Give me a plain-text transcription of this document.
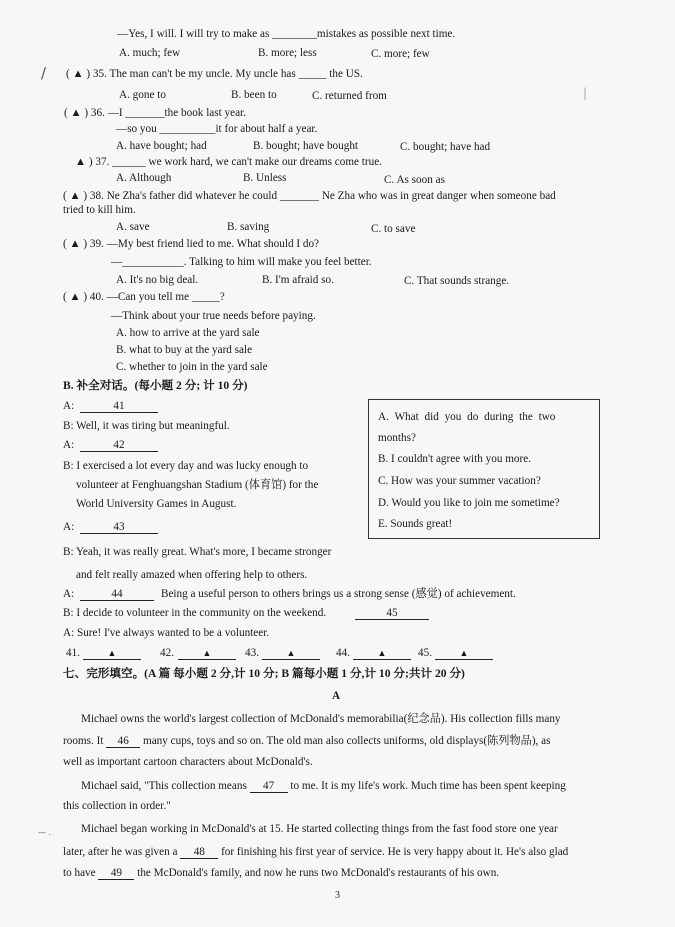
—Yes, I will. I will try to make as ________mistakes as possible next time.
A. much; few	B. more; less	C. more; few
/ ( ▲ ) 35. The man can't be my uncle. My uncle has _____ the US.
A. gone to	B. been to	C. returned from
( ▲ ) 36. —I _______the book last year.
—so you __________it for about half a year.
A. have bought; had	B. bought; have bought	C. bought; have had
▲ ) 37. ______ we work hard, we can't make our dreams come true.
A. Although	B. Unless	C. As soon as
( ▲ ) 38. Ne Zha's father did whatever he could _______ Ne Zha who was in great danger when someone bad
tried to kill him.
A. save	B. saving	C. to save
( ▲ ) 39. —My best friend lied to me. What should I do?
—___________. Talking to him will make you feel better.
A. It's no big deal.	B. I'm afraid so.	C. That sounds strange.
( ▲ ) 40. —Can you tell me _____?
—Think about your true needs before paying.
A. how to arrive at the yard sale
B. what to buy at the yard sale
C. whether to join in the yard sale
B. 补全对话。(每小题 2 分; 计 10 分)
A:	41
B: Well, it was tiring but meaningful.
A:	42
B: I exercised a lot every day and was lucky enough to
volunteer at Fenghuangshan Stadium (体育馆) for the
World University Games in August.
A:	43
B: Yeah, it was really great. What's more, I became stronger
and felt really amazed when offering help to others.
A:	44	Being a useful person to others brings us a strong sense (感觉) of achievement.
B: I decide to volunteer in the community on the weekend.	45
A: Sure! I've always wanted to be a volunteer.
41.	▲	42.	▲	43.	▲	44.	▲	45.	▲
七、完形填空。(A 篇 每小题 2 分,计 10 分; B 篇每小题 1 分,计 10 分;共计 20 分)
A
Michael owns the world's largest collection of McDonald's memorabilia(纪念品). His collection fills many
rooms. It 46 many cups, toys and so on. The old man also collects uniforms, old displays(陈列物品), as
well as important cartoon characters about McDonald's.
Michael said, "This collection means 47 to me. It is my life's work. Much time has been spent keeping
this collection in order."
— .	Michael began working in McDonald's at 15. He started collecting things from the fast food store one year
later, after he was given a 48 for finishing his first year of service. He is very happy about it. He's also glad
to have 49 the McDonald's family, and now he runs two McDonald's restaurants of his own.
3
|
A. What did you do during the two
months?
B. I couldn't agree with you more.
C. How was your summer vacation?
D. Would you like to join me sometime?
E. Sounds great!
